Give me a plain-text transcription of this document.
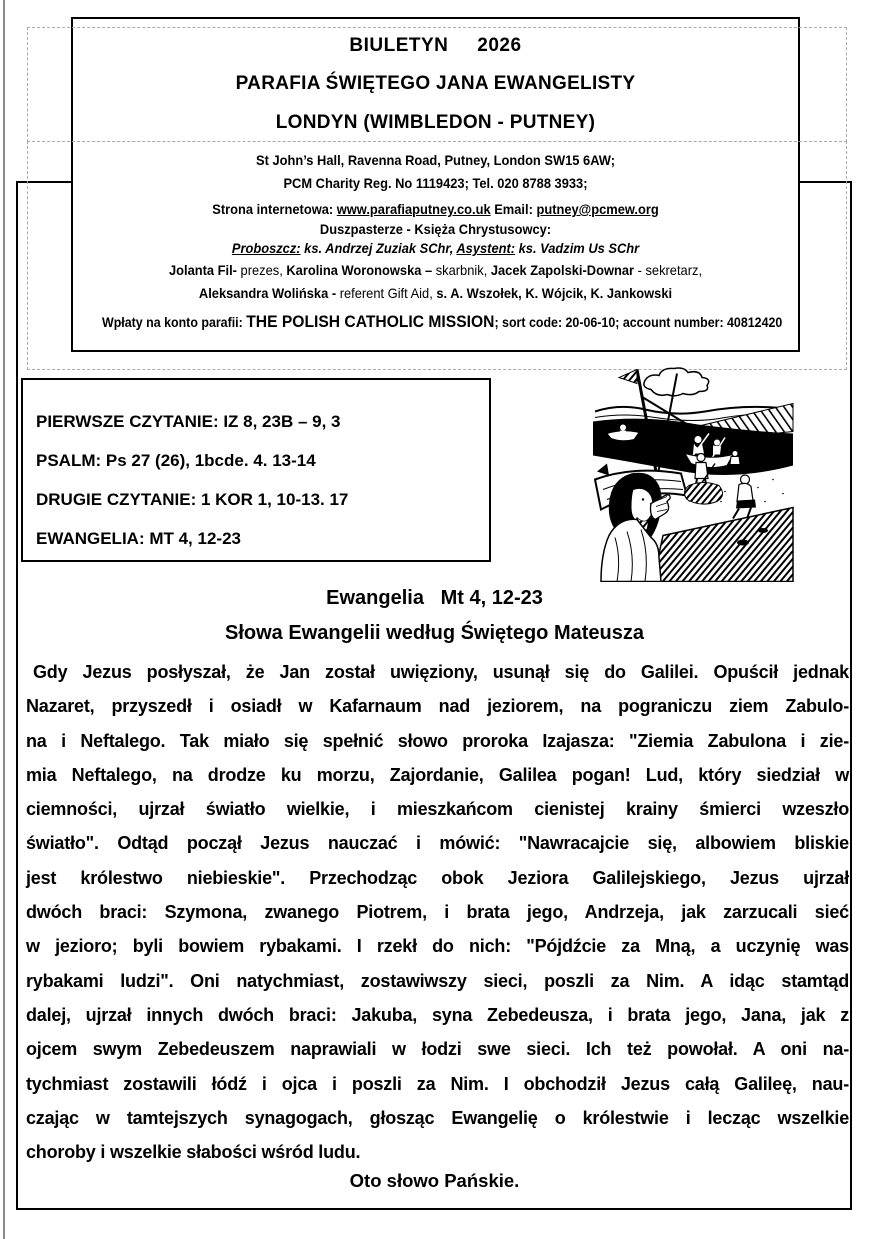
BIULETYN     2026
PARAFIA ŚWIĘTEGO JANA EWANGELISTY
LONDYN (WIMBLEDON - PUTNEY)
St John’s Hall, Ravenna Road, Putney, London SW15 6AW;
PCM Charity Reg. No 1119423; Tel. 020 8788 3933;
Strona internetowa: www.parafiaputney.co.uk Email: putney@pcmew.org
Duszpasterze - Księża Chrystusowcy:
Proboszcz: ks. Andrzej Zuziak SChr, Asystent: ks. Vadzim Us SChr
Jolanta Fil- prezes, Karolina Woronowska – skarbnik, Jacek Zapolski-Downar - sekretarz,
Aleksandra Wolińska - referent Gift Aid, s. A. Wszołek, K. Wójcik, K. Jankowski
Wpłaty na konto parafii: THE POLISH CATHOLIC MISSION; sort code: 20-06-10; account number: 40812420
PIERWSZE CZYTANIE: IZ 8, 23B – 9, 3
PSALM: Ps 27 (26), 1bcde. 4. 13-14
DRUGIE CZYTANIE: 1 KOR 1, 10-13. 17
EWANGELIA: MT 4, 12-23
Ewangelia   Mt 4, 12-23
Słowa Ewangelii według Świętego Mateusza
Gdy Jezus posłyszał, że Jan został uwięziony, usunął się do Galilei. Opuścił jednak
Nazaret, przyszedł i osiadł w Kafarnaum nad jeziorem, na pograniczu ziem Zabulo-
na i Neftalego. Tak miało się spełnić słowo proroka Izajasza: "Ziemia Zabulona i zie-
mia Neftalego, na drodze ku morzu, Zajordanie, Galilea pogan! Lud, który siedział w
ciemności, ujrzał światło wielkie, i mieszkańcom cienistej krainy śmierci wzeszło
światło". Odtąd począł Jezus nauczać i mówić: "Nawracajcie się, albowiem bliskie
jest królestwo niebieskie". Przechodząc obok Jeziora Galilejskiego, Jezus ujrzał
dwóch braci: Szymona, zwanego Piotrem, i brata jego, Andrzeja, jak zarzucali sieć
w jezioro; byli bowiem rybakami. I rzekł do nich: "Pójdźcie za Mną, a uczynię was
rybakami ludzi". Oni natychmiast, zostawiwszy sieci, poszli za Nim. A idąc stamtąd
dalej, ujrzał innych dwóch braci: Jakuba, syna Zebedeusza, i brata jego, Jana, jak z
ojcem swym Zebedeuszem naprawiali w łodzi swe sieci. Ich też powołał. A oni na-
tychmiast zostawili łódź i ojca i poszli za Nim. I obchodził Jezus całą Galileę, nau-
czając w tamtejszych synagogach, głosząc Ewangelię o królestwie i lecząc wszelkie
choroby i wszelkie słabości wśród ludu.
Oto słowo Pańskie.
